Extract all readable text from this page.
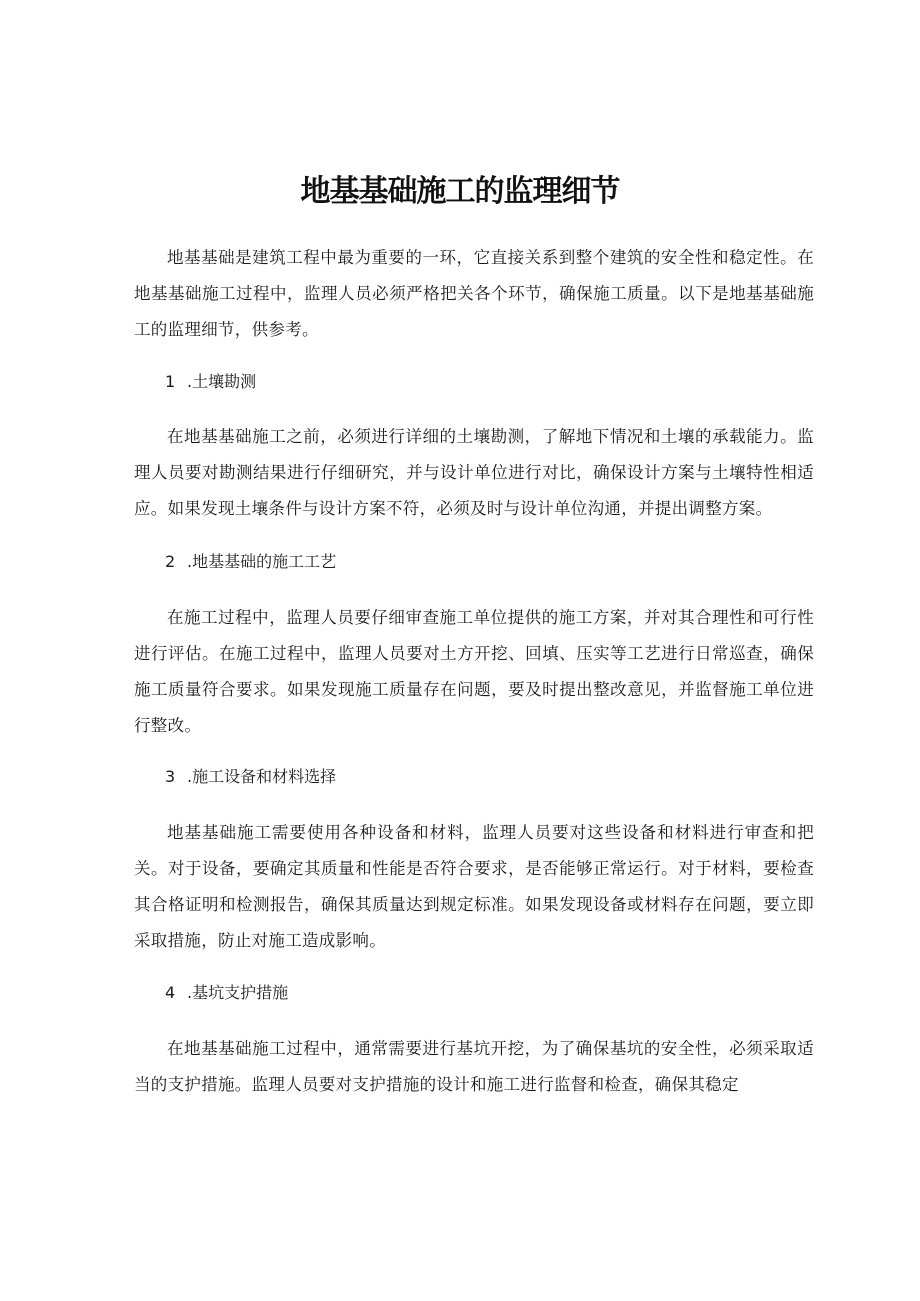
地基基础施工的监理细节

地基基础是建筑工程中最为重要的一环，它直接关系到整个建筑的安全性和稳定性。在地基基础施工过程中，监理人员必须严格把关各个环节，确保施工质量。以下是地基基础施工的监理细节，供参考。

1 .土壤勘测

在地基基础施工之前，必须进行详细的土壤勘测，了解地下情况和土壤的承载能力。监理人员要对勘测结果进行仔细研究，并与设计单位进行对比，确保设计方案与土壤特性相适应。如果发现土壤条件与设计方案不符，必须及时与设计单位沟通，并提出调整方案。

2 .地基基础的施工工艺

在施工过程中，监理人员要仔细审查施工单位提供的施工方案，并对其合理性和可行性进行评估。在施工过程中，监理人员要对土方开挖、回填、压实等工艺进行日常巡查，确保施工质量符合要求。如果发现施工质量存在问题，要及时提出整改意见，并监督施工单位进行整改。

3 .施工设备和材料选择

地基基础施工需要使用各种设备和材料，监理人员要对这些设备和材料进行审查和把关。对于设备，要确定其质量和性能是否符合要求，是否能够正常运行。对于材料，要检查其合格证明和检测报告，确保其质量达到规定标准。如果发现设备或材料存在问题，要立即采取措施，防止对施工造成影响。

4 .基坑支护措施

在地基基础施工过程中，通常需要进行基坑开挖，为了确保基坑的安全性，必须采取适当的支护措施。监理人员要对支护措施的设计和施工进行监督和检查，确保其稳定
